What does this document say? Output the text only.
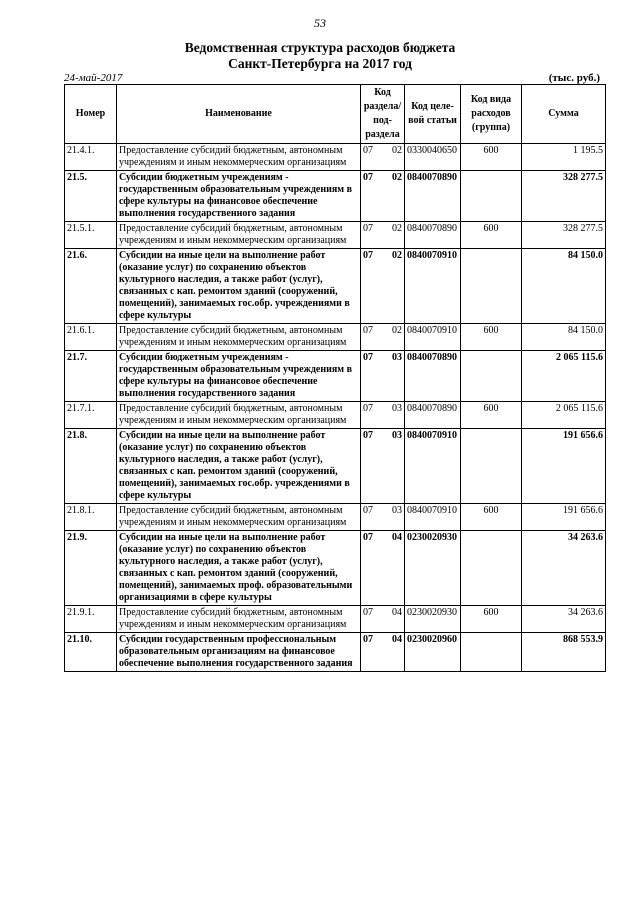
53
Ведомственная структура расходов бюджета
Санкт-Петербурга на 2017 год
24-май-2017	(тыс. руб.)
Номер	Наименование	Код раздела/ под-раздела	Код целе-вой статьи	Код вида расходов (группа)	Сумма
21.4.1.	Предоставление субсидий бюджетным, автономным учреждениям и иным некоммерческим организациям	07 02	0330040650	600	1 195.5
21.5.	Субсидии бюджетным учреждениям - государственным образовательным учреждениям в сфере культуры на финансовое обеспечение выполнения государственного задания	07 02	0840070890		328 277.5
21.5.1.	Предоставление субсидий бюджетным, автономным учреждениям и иным некоммерческим организациям	07 02	0840070890	600	328 277.5
21.6.	Субсидии на иные цели на выполнение работ (оказание услуг) по сохранению объектов культурного наследия, а также работ (услуг), связанных с кап. ремонтом зданий (сооружений, помещений), занимаемых гос.обр. учреждениями в сфере культуры	07 02	0840070910		84 150.0
21.6.1.	Предоставление субсидий бюджетным, автономным учреждениям и иным некоммерческим организациям	07 02	0840070910	600	84 150.0
21.7.	Субсидии бюджетным учреждениям - государственным образовательным учреждениям в сфере культуры на финансовое обеспечение выполнения государственного задания	07 03	0840070890		2 065 115.6
21.7.1.	Предоставление субсидий бюджетным, автономным учреждениям и иным некоммерческим организациям	07 03	0840070890	600	2 065 115.6
21.8.	Субсидии на иные цели на выполнение работ (оказание услуг) по сохранению объектов культурного наследия, а также работ (услуг), связанных с кап. ремонтом зданий (сооружений, помещений), занимаемых гос.обр. учреждениями в сфере культуры	07 03	0840070910		191 656.6
21.8.1.	Предоставление субсидий бюджетным, автономным учреждениям и иным некоммерческим организациям	07 03	0840070910	600	191 656.6
21.9.	Субсидии на иные цели на выполнение работ (оказание услуг) по сохранению объектов культурного наследия, а также работ (услуг), связанных с кап. ремонтом зданий (сооружений, помещений), занимаемых проф. образовательными организациями в сфере культуры	07 04	0230020930		34 263.6
21.9.1.	Предоставление субсидий бюджетным, автономным учреждениям и иным некоммерческим организациям	07 04	0230020930	600	34 263.6
21.10.	Субсидии государственным профессиональным образовательным организациям на финансовое обеспечение выполнения государственного задания	07 04	0230020960		868 553.9
